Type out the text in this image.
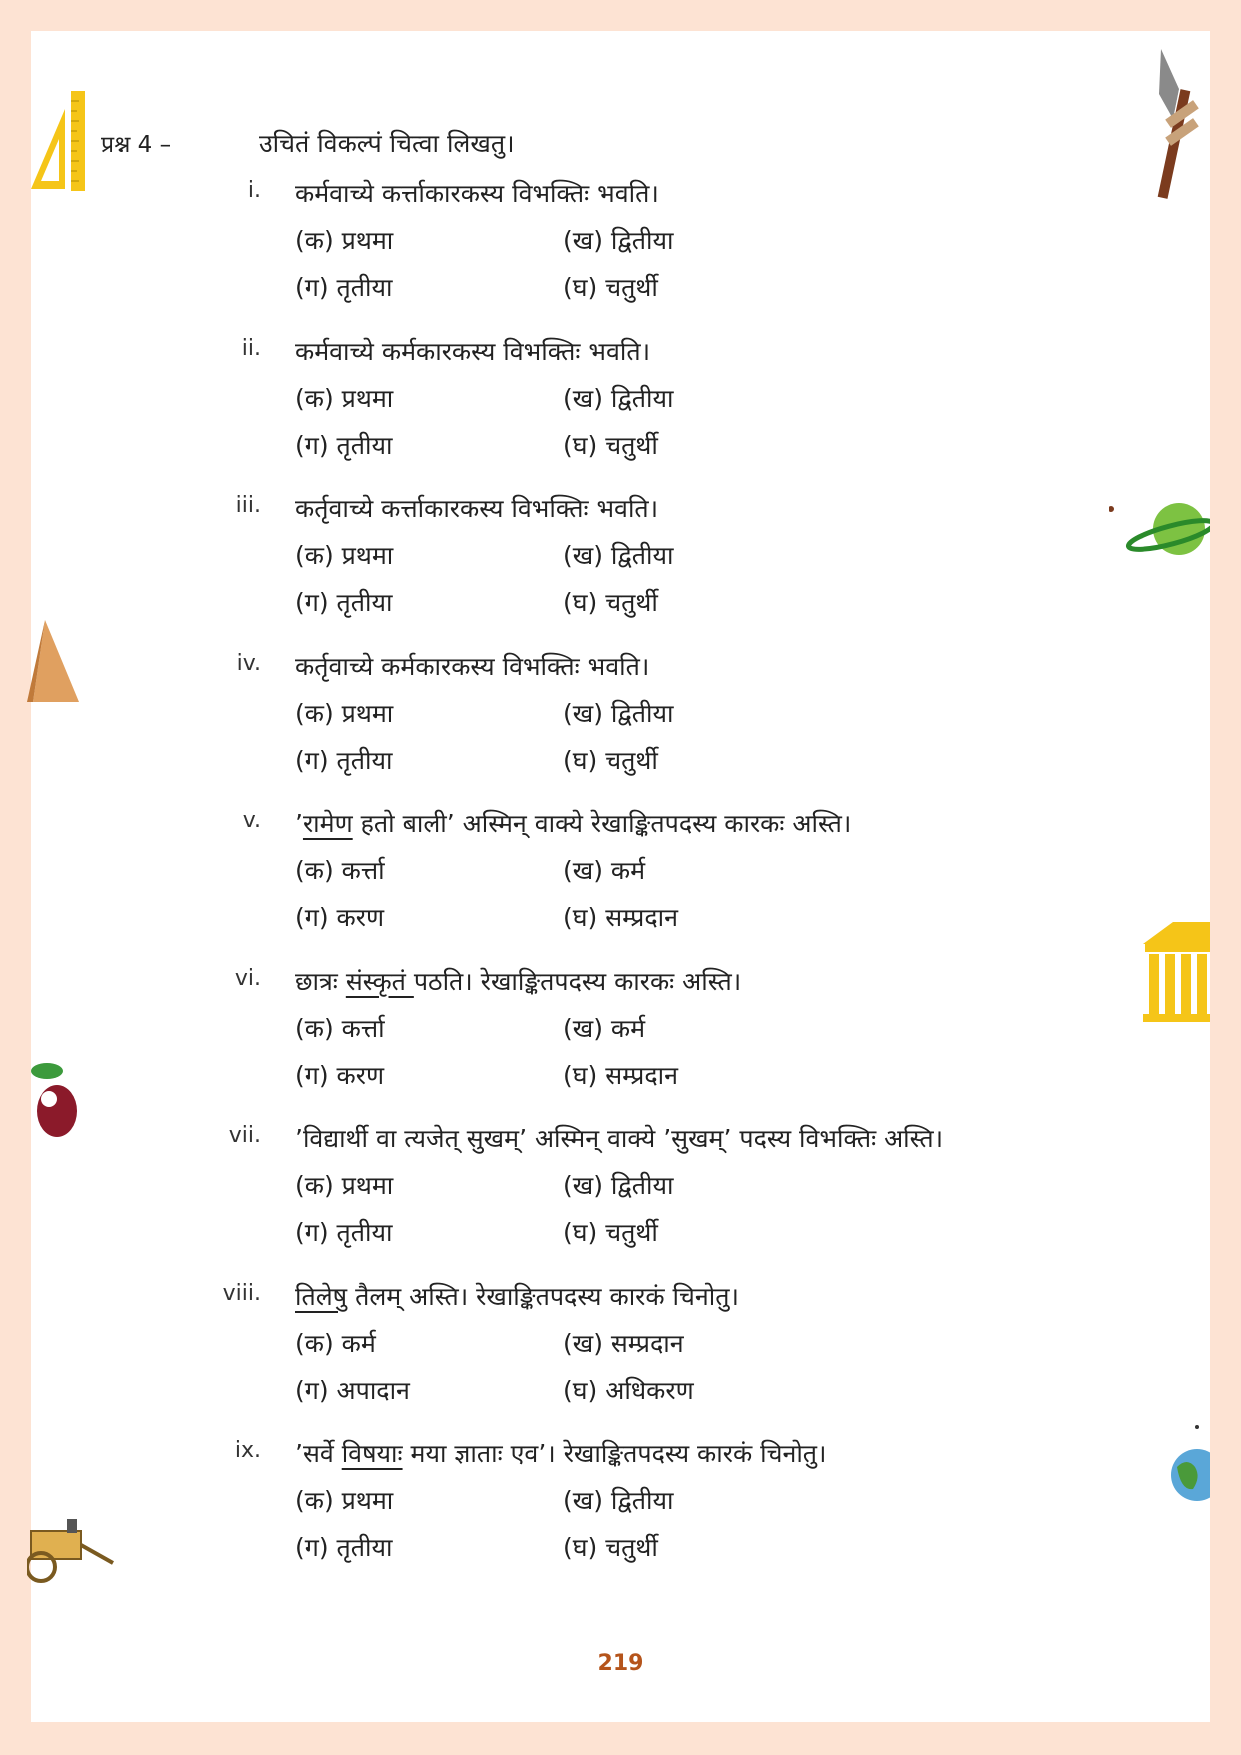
प्रश्न 4 –	उचितं विकल्पं चित्वा लिखतु।
i. कर्मवाच्ये कर्त्ताकारकस्य विभक्तिः भवति।
(क) प्रथमा	(ख) द्वितीया
(ग) तृतीया	(घ) चतुर्थी
ii. कर्मवाच्ये कर्मकारकस्य विभक्तिः भवति।
(क) प्रथमा	(ख) द्वितीया
(ग) तृतीया	(घ) चतुर्थी
iii. कर्तृवाच्ये कर्त्ताकारकस्य विभक्तिः भवति।
(क) प्रथमा	(ख) द्वितीया
(ग) तृतीया	(घ) चतुर्थी
iv. कर्तृवाच्ये कर्मकारकस्य विभक्तिः भवति।
(क) प्रथमा	(ख) द्वितीया
(ग) तृतीया	(घ) चतुर्थी
v. ’रामेण हतो बाली’ अस्मिन् वाक्ये रेखाङ्कितपदस्य कारकः अस्ति।
(क) कर्त्ता	(ख) कर्म
(ग) करण	(घ) सम्प्रदान
vi. छात्रः संस्कृतं पठति। रेखाङ्कितपदस्य कारकः अस्ति।
(क) कर्त्ता	(ख) कर्म
(ग) करण	(घ) सम्प्रदान
vii. ’विद्यार्थी वा त्यजेत् सुखम्’ अस्मिन् वाक्ये ’सुखम्’ पदस्य विभक्तिः अस्ति।
(क) प्रथमा	(ख) द्वितीया
(ग) तृतीया	(घ) चतुर्थी
viii. तिलेषु तैलम् अस्ति। रेखाङ्कितपदस्य कारकं चिनोतु।
(क) कर्म	(ख) सम्प्रदान
(ग) अपादान	(घ) अधिकरण
ix. ’सर्वे विषयाः मया ज्ञाताः एव’। रेखाङ्कितपदस्य कारकं चिनोतु।
(क) प्रथमा	(ख) द्वितीया
(ग) तृतीया	(घ) चतुर्थी
219
